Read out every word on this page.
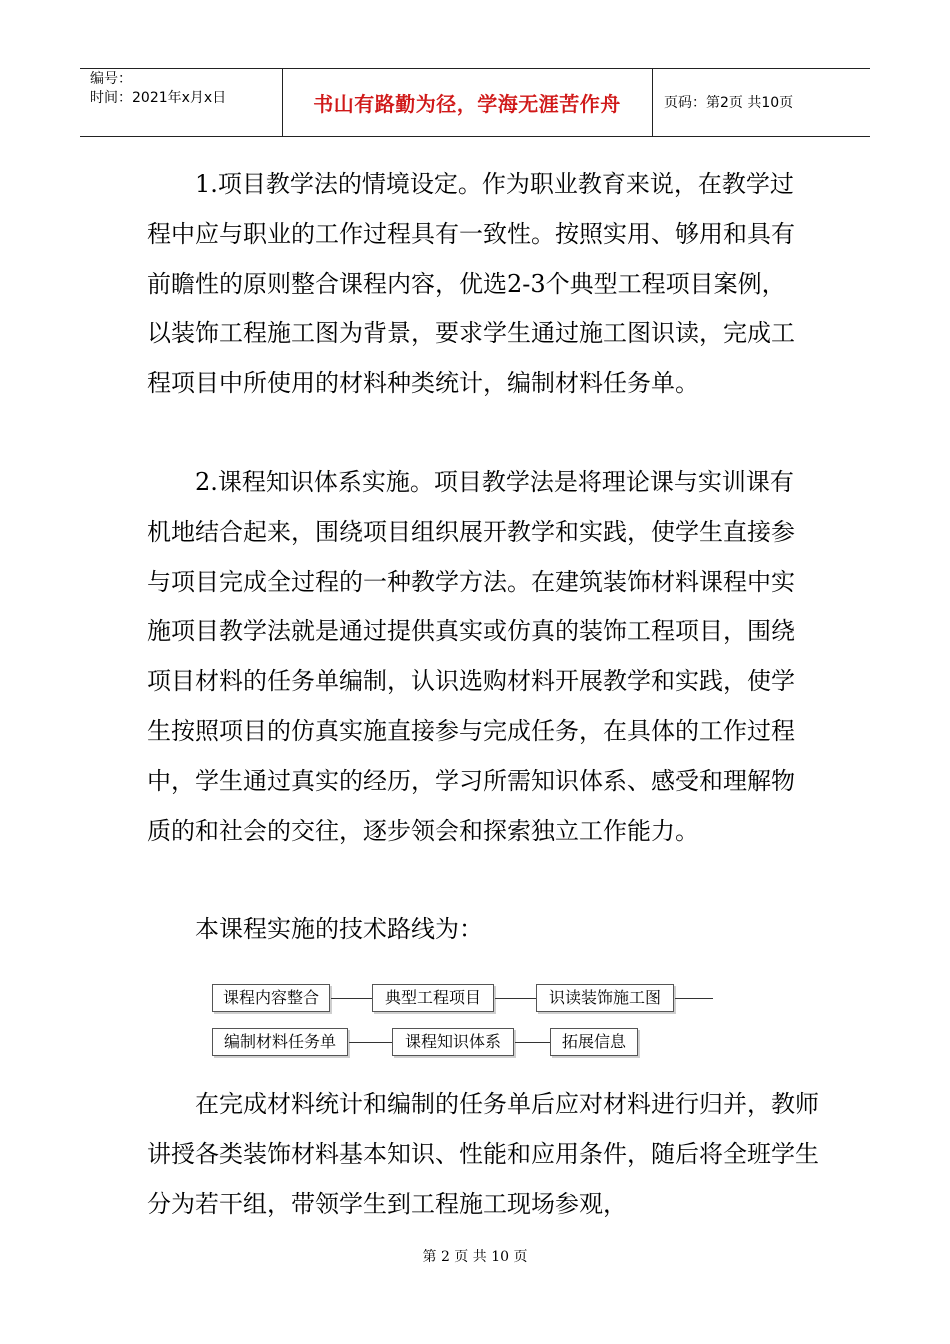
编号：
时间：2021年x月x日	书山有路勤为径，学海无涯苦作舟	页码：第2页 共10页

1.项目教学法的情境设定。作为职业教育来说，在教学过程中应与职业的工作过程具有一致性。按照实用、够用和具有前瞻性的原则整合课程内容，优选2-3个典型工程项目案例，以装饰工程施工图为背景，要求学生通过施工图识读，完成工程项目中所使用的材料种类统计，编制材料任务单。

2.课程知识体系实施。项目教学法是将理论课与实训课有机地结合起来，围绕项目组织展开教学和实践，使学生直接参与项目完成全过程的一种教学方法。在建筑装饰材料课程中实施项目教学法就是通过提供真实或仿真的装饰工程项目，围绕项目材料的任务单编制，认识选购材料开展教学和实践，使学生按照项目的仿真实施直接参与完成任务，在具体的工作过程中，学生通过真实的经历，学习所需知识体系、感受和理解物质的和社会的交往，逐步领会和探索独立工作能力。

本课程实施的技术路线为：

课程内容整合	典型工程项目	识读装饰施工图
编制材料任务单	课程知识体系	拓展信息

在完成材料统计和编制的任务单后应对材料进行归并，教师讲授各类装饰材料基本知识、性能和应用条件，随后将全班学生分为若干组，带领学生到工程施工现场参观，

第 2 页 共 10 页
